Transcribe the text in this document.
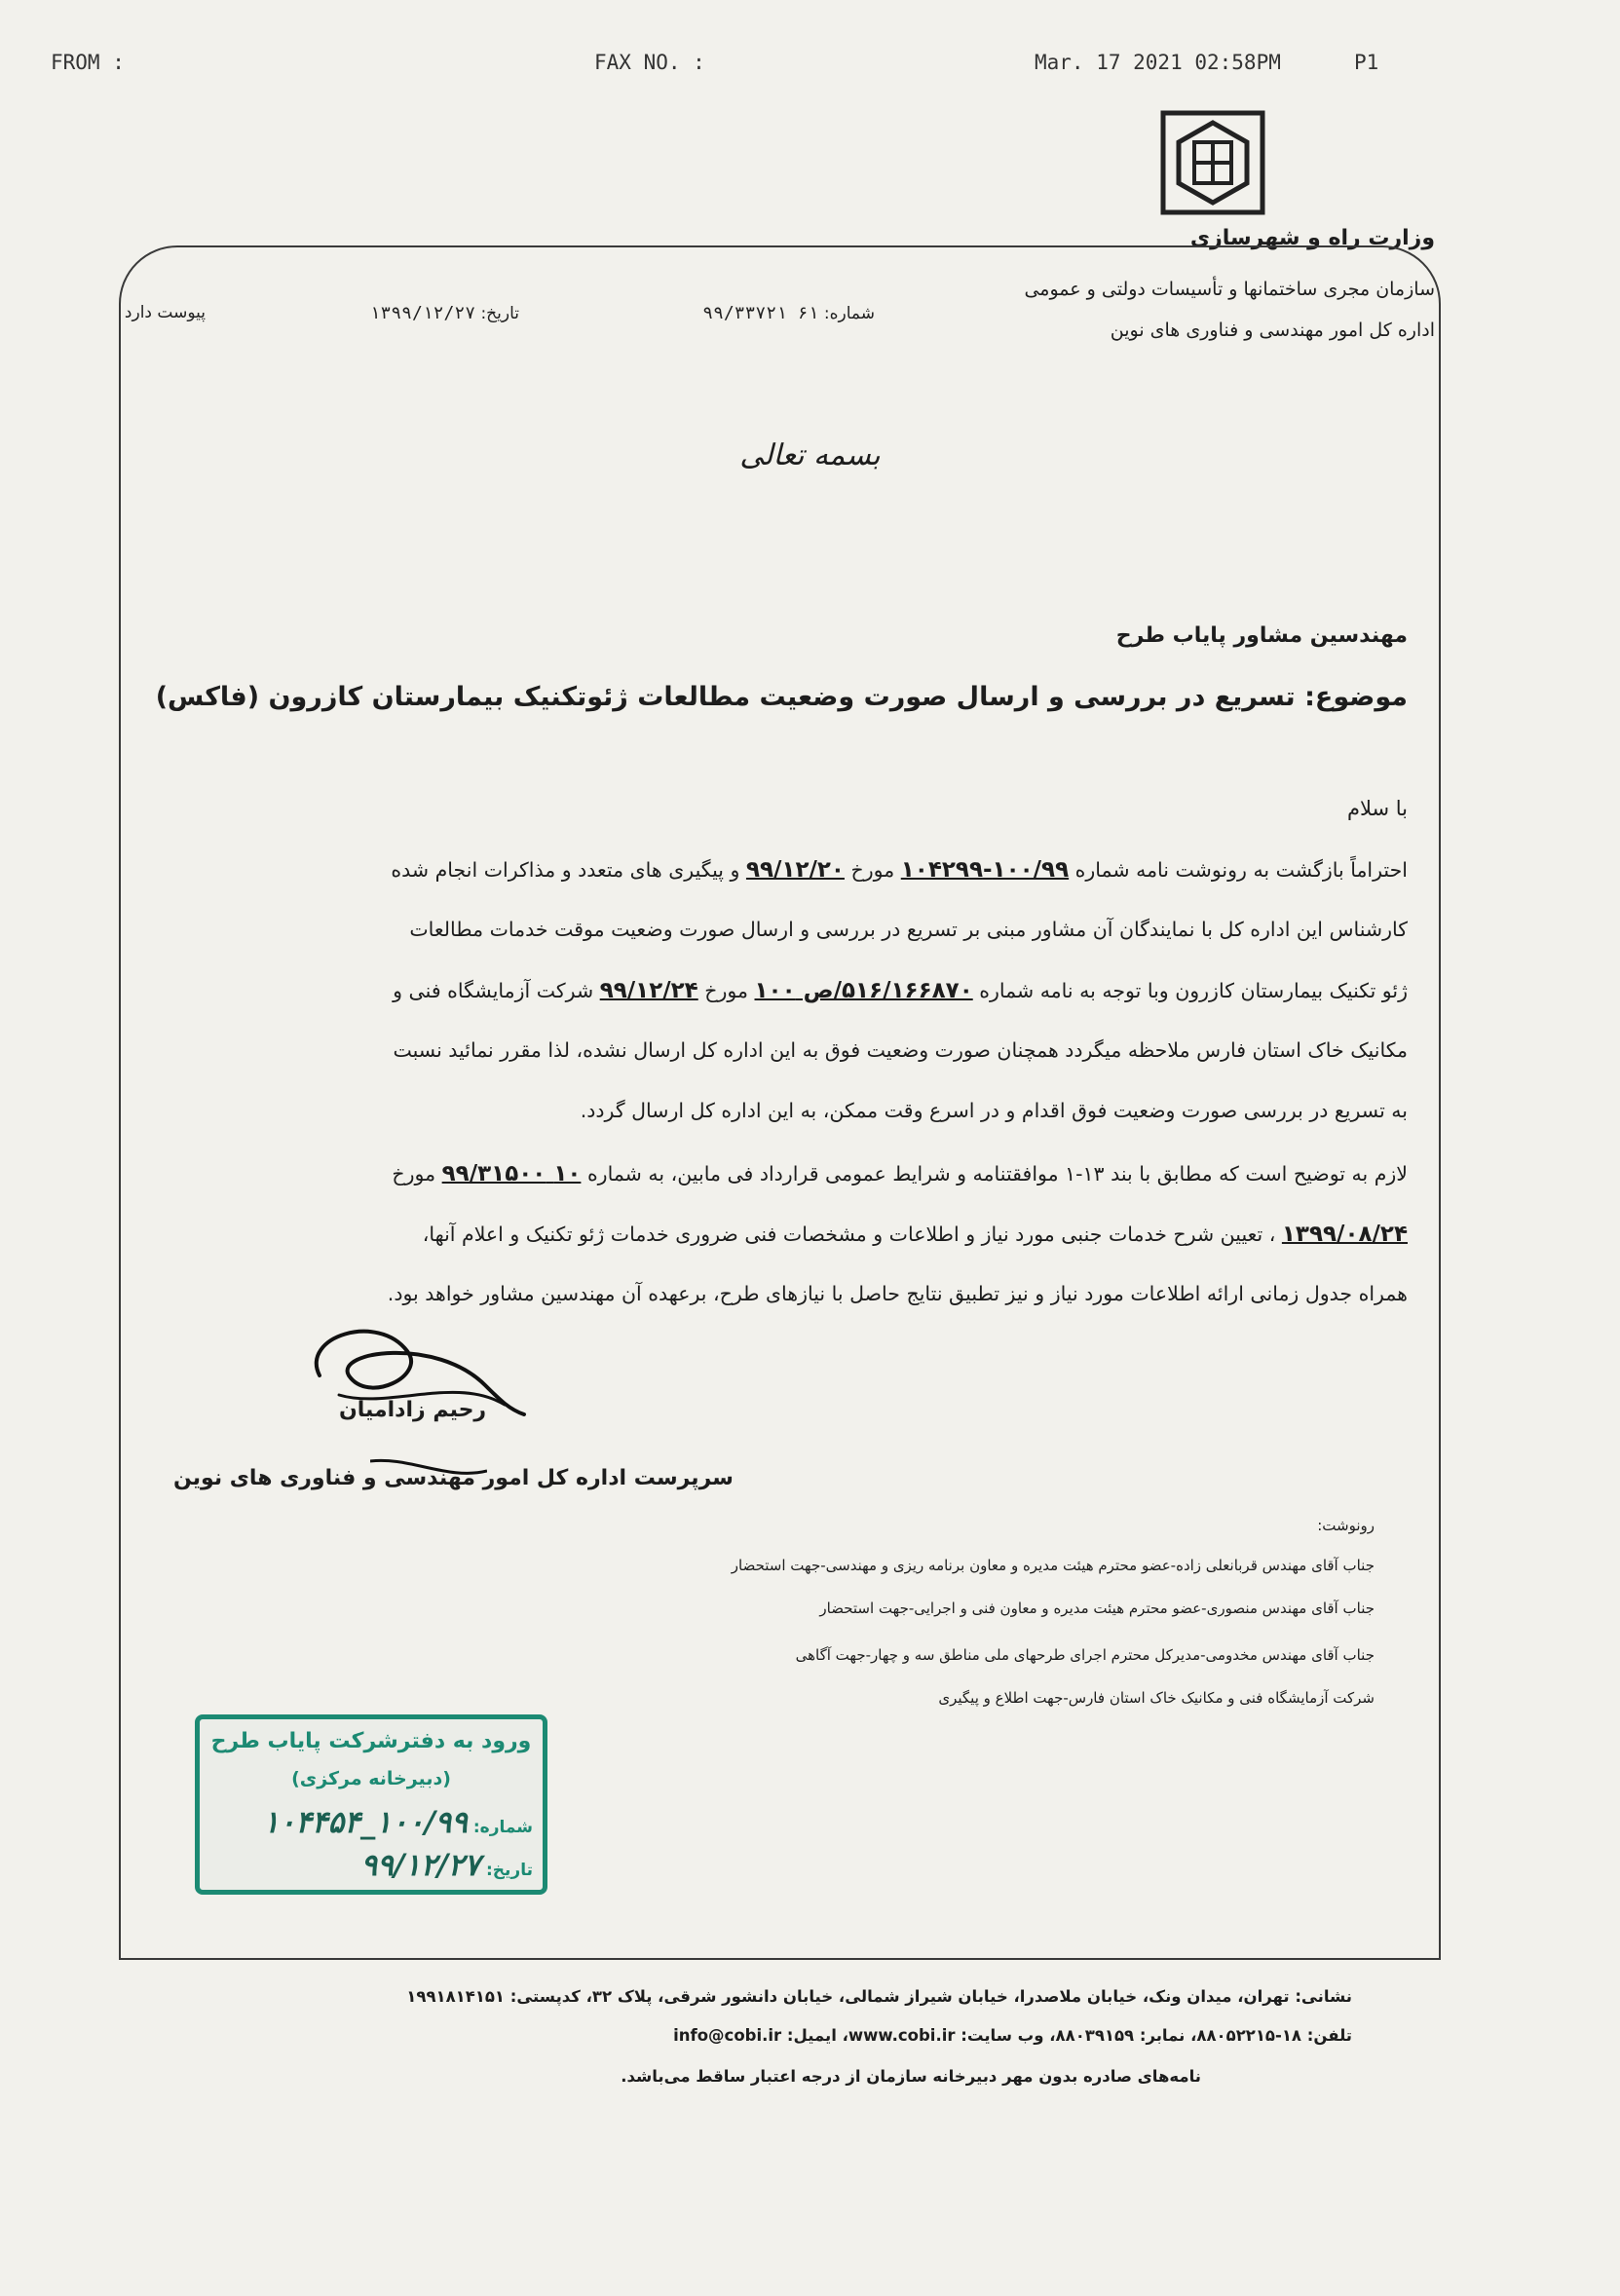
FROM :	FAX NO. :	Mar. 17 2021 02:58PM	P1
وزارت راه و شهرسازی
سازمان مجری ساختمانها و تأسیسات دولتی و عمومی
اداره کل امور مهندسی و فناوری های نوین
شماره: ۶۱ ۹۹/۳۳۷۲۱
تاریخ: ۱۳۹۹/۱۲/۲۷
پیوست دارد
بسمه تعالی
مهندسین مشاور پایاب طرح
موضوع: تسریع در بررسی و ارسال صورت وضعیت مطالعات ژئوتکنیک بیمارستان کازرون (فاکس)
با سلام
احتراماً بازگشت به رونوشت نامه شماره ۱۰۰/۹۹-۱۰۴۲۹۹ مورخ ۹۹/۱۲/۲۰ و پیگیری های متعدد و مذاکرات انجام شده
کارشناس این اداره کل با نمایندگان آن مشاور مبنی بر تسریع در بررسی و ارسال صورت وضعیت موقت خدمات مطالعات
ژئو تکنیک بیمارستان کازرون وبا توجه به نامه شماره ۵۱۶/۱۶۶۸۷۰/ص ۱۰۰ مورخ ۹۹/۱۲/۲۴ شرکت آزمایشگاه فنی و
مکانیک خاک استان فارس ملاحظه میگردد همچنان صورت وضعیت فوق به این اداره کل ارسال نشده، لذا مقرر نمائید نسبت
به تسریع در بررسی صورت وضعیت فوق اقدام و در اسرع وقت ممکن، به این اداره کل ارسال گردد.
لازم به توضیح است که مطابق با بند ۱۳-۱ موافقتنامه و شرایط عمومی قرارداد فی مابین، به شماره ۱۰ ۹۹/۳۱۵۰۰ مورخ
۱۳۹۹/۰۸/۲۴ ، تعیین شرح خدمات جنبی مورد نیاز و اطلاعات و مشخصات فنی ضروری خدمات ژئو تکنیک و اعلام آنها،
همراه جدول زمانی ارائه اطلاعات مورد نیاز و نیز تطبیق نتایج حاصل با نیازهای طرح، برعهده آن مهندسین مشاور خواهد بود.
رحیم زادامیان
سرپرست اداره کل امور مهندسی و فناوری های نوین
رونوشت:
جناب آقای مهندس قربانعلی زاده-عضو محترم هیئت مدیره و معاون برنامه ریزی و مهندسی-جهت استحضار
جناب آقای مهندس منصوری-عضو محترم هیئت مدیره و معاون فنی و اجرایی-جهت استحضار
جناب آقای مهندس مخدومی-مدیرکل محترم اجرای طرحهای ملی مناطق سه و چهار-جهت آگاهی
شرکت آزمایشگاه فنی و مکانیک خاک استان فارس-جهت اطلاع و پیگیری
ورود به دفترشرکت پایاب طرح
(دبیرخانه مرکزی)
شماره: ۱۰۰/۹۹_۱۰۴۴۵۴
تاریخ: ۹۹/۱۲/۲۷
نشانی: تهران، میدان ونک، خیابان ملاصدرا، خیابان شیراز شمالی، خیابان دانشور شرقی، پلاک ۳۲، کدپستی: ۱۹۹۱۸۱۴۱۵۱
تلفن: ۱۸-۸۸۰۵۲۲۱۵، نمابر: ۸۸۰۳۹۱۵۹، وب سایت: www.cobi.ir، ایمیل: info@cobi.ir
نامه‌های صادره بدون مهر دبیرخانه سازمان از درجه اعتبار ساقط می‌باشد.
